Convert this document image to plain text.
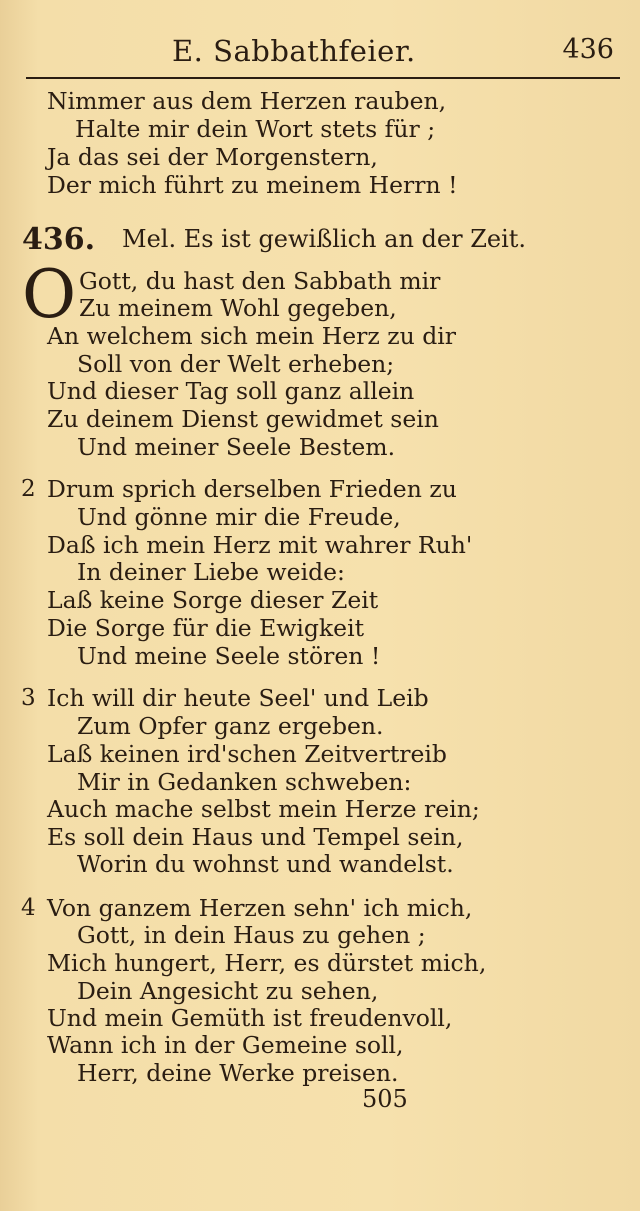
E. Sabbathfeier.	436
Nimmer aus dem Herzen rauben,
Halte mir dein Wort stets für ;
Ja das sei der Morgenstern,
Der mich führt zu meinem Herrn !
436. Mel. Es ist gewißlich an der Zeit.
O Gott, du hast den Sabbath mir
Zu meinem Wohl gegeben,
An welchem sich mein Herz zu dir
Soll von der Welt erheben;
Und dieser Tag soll ganz allein
Zu deinem Dienst gewidmet sein
Und meiner Seele Bestem.
2 Drum sprich derselben Frieden zu
Und gönne mir die Freude,
Daß ich mein Herz mit wahrer Ruh'
In deiner Liebe weide:
Laß keine Sorge dieser Zeit
Die Sorge für die Ewigkeit
Und meine Seele stören !
3 Ich will dir heute Seel' und Leib
Zum Opfer ganz ergeben.
Laß keinen ird'schen Zeitvertreib
Mir in Gedanken schweben:
Auch mache selbst mein Herze rein;
Es soll dein Haus und Tempel sein,
Worin du wohnst und wandelst.
4 Von ganzem Herzen sehn' ich mich,
Gott, in dein Haus zu gehen ;
Mich hungert, Herr, es dürstet mich,
Dein Angesicht zu sehen,
Und mein Gemüth ist freudenvoll,
Wann ich in der Gemeine soll,
Herr, deine Werke preisen.
505
